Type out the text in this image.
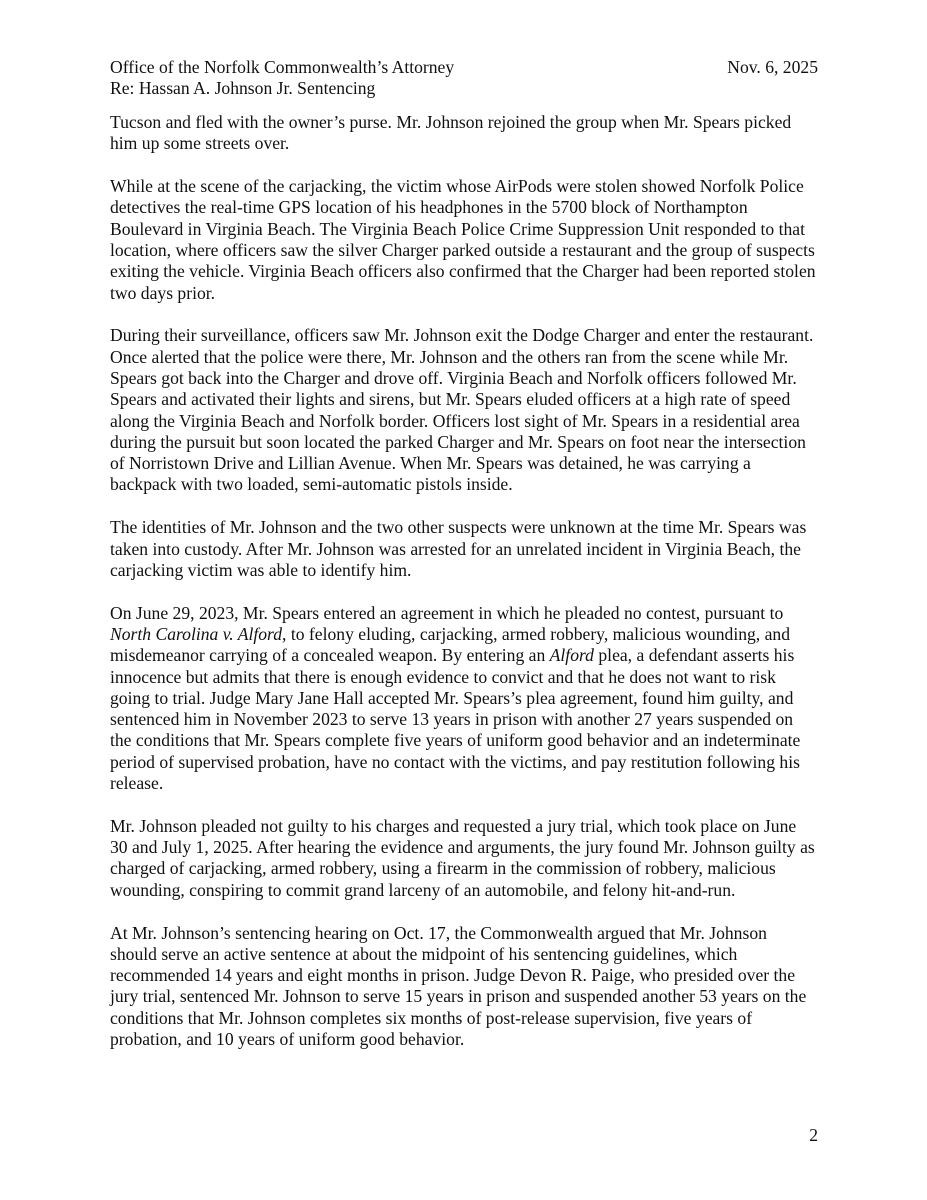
Office of the Norfolk Commonwealth’s Attorney	Nov. 6, 2025
Re: Hassan A. Johnson Jr. Sentencing

Tucson and fled with the owner’s purse. Mr. Johnson rejoined the group when Mr. Spears picked him up some streets over.

While at the scene of the carjacking, the victim whose AirPods were stolen showed Norfolk Police detectives the real-time GPS location of his headphones in the 5700 block of Northampton Boulevard in Virginia Beach. The Virginia Beach Police Crime Suppression Unit responded to that location, where officers saw the silver Charger parked outside a restaurant and the group of suspects exiting the vehicle. Virginia Beach officers also confirmed that the Charger had been reported stolen two days prior.

During their surveillance, officers saw Mr. Johnson exit the Dodge Charger and enter the restaurant. Once alerted that the police were there, Mr. Johnson and the others ran from the scene while Mr. Spears got back into the Charger and drove off. Virginia Beach and Norfolk officers followed Mr. Spears and activated their lights and sirens, but Mr. Spears eluded officers at a high rate of speed along the Virginia Beach and Norfolk border. Officers lost sight of Mr. Spears in a residential area during the pursuit but soon located the parked Charger and Mr. Spears on foot near the intersection of Norristown Drive and Lillian Avenue. When Mr. Spears was detained, he was carrying a backpack with two loaded, semi-automatic pistols inside.

The identities of Mr. Johnson and the two other suspects were unknown at the time Mr. Spears was taken into custody. After Mr. Johnson was arrested for an unrelated incident in Virginia Beach, the carjacking victim was able to identify him.

On June 29, 2023, Mr. Spears entered an agreement in which he pleaded no contest, pursuant to North Carolina v. Alford, to felony eluding, carjacking, armed robbery, malicious wounding, and misdemeanor carrying of a concealed weapon. By entering an Alford plea, a defendant asserts his innocence but admits that there is enough evidence to convict and that he does not want to risk going to trial. Judge Mary Jane Hall accepted Mr. Spears’s plea agreement, found him guilty, and sentenced him in November 2023 to serve 13 years in prison with another 27 years suspended on the conditions that Mr. Spears complete five years of uniform good behavior and an indeterminate period of supervised probation, have no contact with the victims, and pay restitution following his release.

Mr. Johnson pleaded not guilty to his charges and requested a jury trial, which took place on June 30 and July 1, 2025. After hearing the evidence and arguments, the jury found Mr. Johnson guilty as charged of carjacking, armed robbery, using a firearm in the commission of robbery, malicious wounding, conspiring to commit grand larceny of an automobile, and felony hit-and-run.

At Mr. Johnson’s sentencing hearing on Oct. 17, the Commonwealth argued that Mr. Johnson should serve an active sentence at about the midpoint of his sentencing guidelines, which recommended 14 years and eight months in prison. Judge Devon R. Paige, who presided over the jury trial, sentenced Mr. Johnson to serve 15 years in prison and suspended another 53 years on the conditions that Mr. Johnson completes six months of post-release supervision, five years of probation, and 10 years of uniform good behavior.

2
